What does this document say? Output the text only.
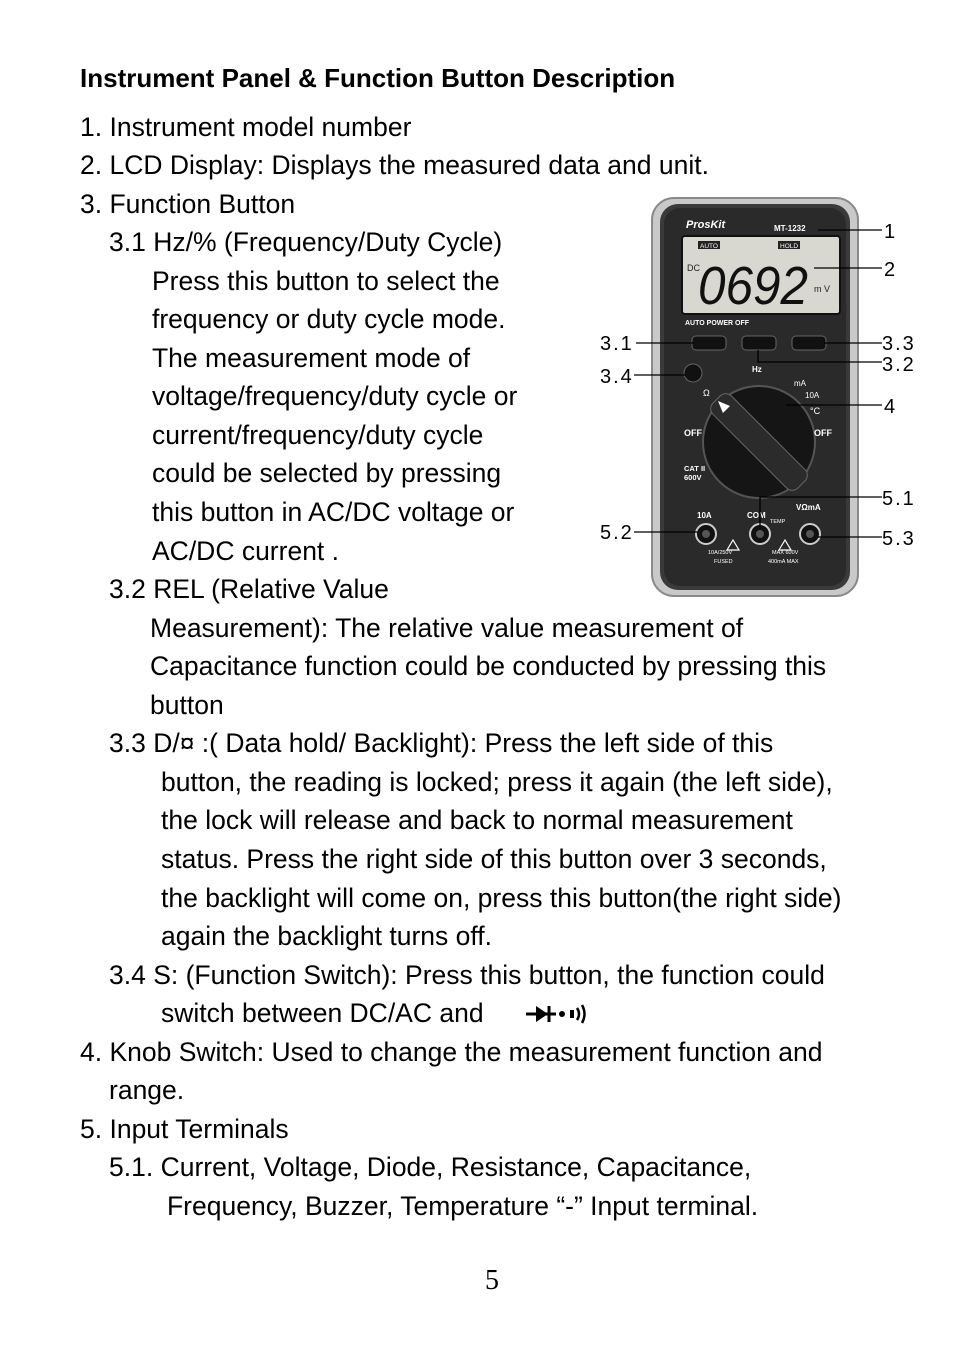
Instrument Panel & Function Button Description
1. Instrument model number
2. LCD Display: Displays the measured data and unit.
3. Function Button
3.1 Hz/% (Frequency/Duty Cycle)
Press this button to select the
frequency or duty cycle mode.
The measurement mode of
voltage/frequency/duty cycle or
current/frequency/duty cycle
could be selected by pressing
this button in AC/DC voltage or
AC/DC current .
3.2 REL (Relative Value
Measurement): The relative value measurement of
Capacitance function could be conducted by pressing this
button
3.3 D/¤ :( Data hold/ Backlight): Press the left side of this
button, the reading is locked; press it again (the left side),
the lock will release and back to normal measurement
status. Press the right side of this button over 3 seconds,
the backlight will come on, press this button(the right side)
again the backlight turns off.
3.4 S: (Function Switch): Press this button, the function could
switch between DC/AC and
4. Knob Switch: Used to change the measurement function and
range.
5. Input Terminals
5.1. Current, Voltage, Diode, Resistance, Capacitance,
Frequency, Buzzer, Temperature “-” Input terminal.
5
ProsKit	MT-1232
AUTO	HOLD
DC
0692 m V
AUTO POWER OFF
Hz
mA
10A
Ω
°C
OFF	OFF
CAT II
600V
10A	COM
VΩmA
TEMP
10A/250V
FUSED
MAX 600V
400mA MAX
1
2
3.1	3.3
3.2
3.4
4
5.1
5.2	5.3
